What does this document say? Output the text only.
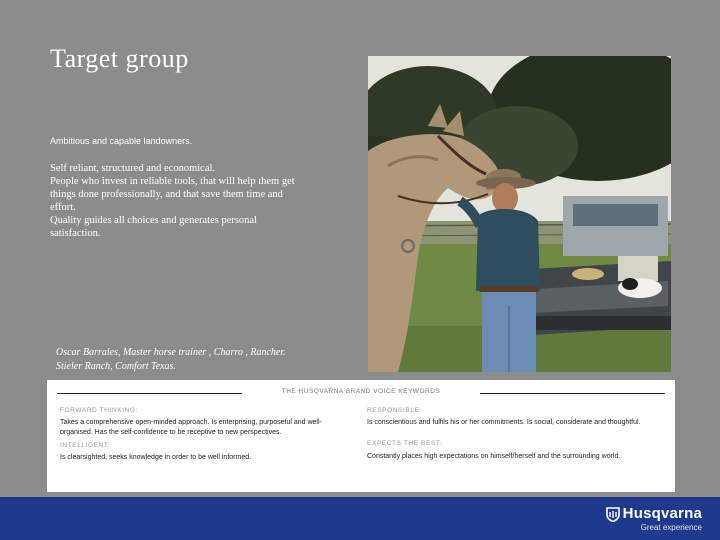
Target group
Ambitious and capable landowners.
Self reliant, structured and economical.
People who invest in reliable tools, that will help them get
things done professionally, and that save them time and
effort.
Quality guides all choices and generates personal
satisfaction.
Oscar Barrales, Master horse trainer , Charro , Rancher.
Stieler Ranch, Comfort Texas.
THE HUSQVARNA BRAND VOICE KEYWORDS
FORWARD THINKING:
Takes a comprehensive open-minded approach. Is enterprising, purposeful and well-organised. Has the self-confidence to be receptive to new perspectives.
RESPONSIBLE:
Is conscientious and fulfils his or her commitments. Is social, considerate and thoughtful.
INTELLIGENT:
Is clearsighted, seeks knowledge in order to be well informed.
EXPECTS THE BEST:
Constantly places high expectations on himself/herself and the surrounding world.
Husqvarna
Great experience
